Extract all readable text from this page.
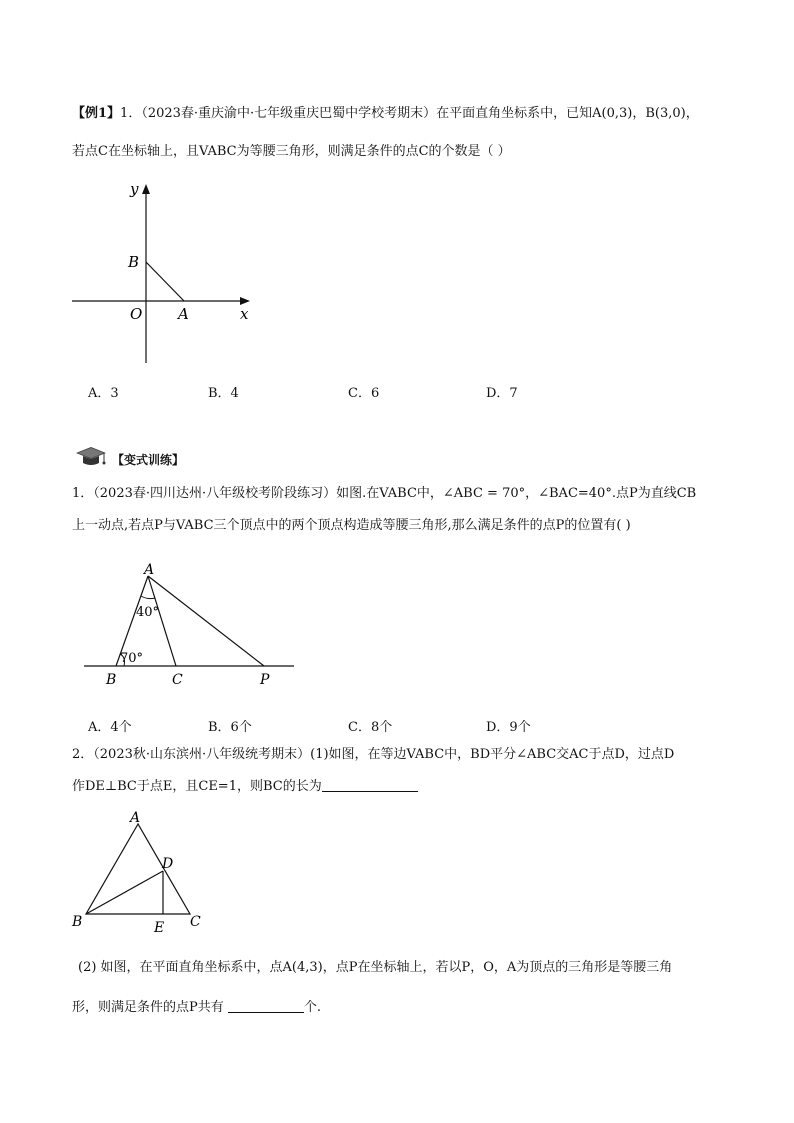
【例1】1．（2023春·重庆渝中·七年级重庆巴蜀中学校考期末）在平面直角坐标系中，已知A(0,3)，B(3,0)，
若点C在坐标轴上，且VABC为等腰三角形，则满足条件的点C的个数是（ ）
y
B
O A	x
A．3	B．4	C．6	D．7
【变式训练】
1．（2023春·四川达州·八年级校考阶段练习）如图.在VABC中，∠ABC = 70°，∠BAC=40°.点P为直线CB
上一动点,若点P与VABC三个顶点中的两个顶点构造成等腰三角形,那么满足条件的点P的位置有( )
A
40°
70°
B	C	P
A．4个	B．6个	C．8个	D．9个
2．（2023秋·山东滨州·八年级统考期末）(1)如图，在等边VABC中，BD平分∠ABC交AC于点D，过点D
作DE⊥BC于点E，且CE=1，则BC的长为
A
D
B	E C
(2) 如图，在平面直角坐标系中，点A(4,3)，点P在坐标轴上，若以P，O，A为顶点的三角形是等腰三角
形，则满足条件的点P共有	个.
